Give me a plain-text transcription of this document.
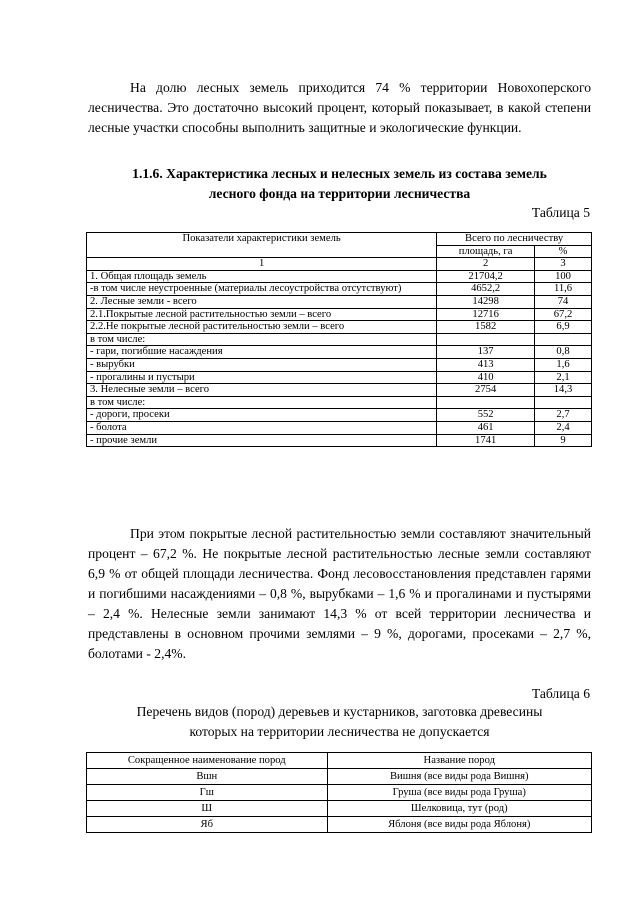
На долю лесных земель приходится 74 % территории Новохоперского лесничества. Это достаточно высокий процент, который показывает, в какой степени лесные участки способны выполнить защитные и экологические функции.

1.1.6. Характеристика лесных и нелесных земель из состава земель
лесного фонда на территории лесничества
Таблица 5
Показатели характеристики земель	Всего по лесничеству	
	площадь, га	%
1	2	3
1. Общая площадь земель	21704,2	100
-в том числе неустроенные (материалы лесоустройства отсутствуют)	4652,2	11,6
2. Лесные земли - всего	14298	74
2.1.Покрытые лесной растительностью земли – всего	12716	67,2
2.2.Не покрытые лесной растительностью земли – всего	1582	6,9
в том числе:		
- гари, погибшие насаждения	137	0,8
- вырубки	413	1,6
- прогалины и пустыри	410	2,1
3. Нелесные земли – всего	2754	14,3
в том числе:		
- дороги, просеки	552	2,7
- болота	461	2,4
- прочие земли	1741	9

При этом покрытые лесной растительностью земли составляют значительный процент – 67,2 %. Не покрытые лесной растительностью лесные земли составляют 6,9 % от общей площади лесничества. Фонд лесовосстановления представлен гарями и погибшими насаждениями – 0,8 %, вырубками – 1,6 % и прогалинами и пустырями – 2,4 %. Нелесные земли занимают 14,3 % от всей территории лесничества и представлены в основном прочими землями – 9 %, дорогами, просеками – 2,7 %, болотами - 2,4%.

Таблица 6
Перечень видов (пород) деревьев и кустарников, заготовка древесины
которых на территории лесничества не допускается
Сокращенное наименование пород	Название пород
Вшн	Вишня (все виды рода Вишня)
Гш	Груша (все виды рода Груша)
Ш	Шелковица, тут (род)
Яб	Яблоня (все виды рода Яблоня)
